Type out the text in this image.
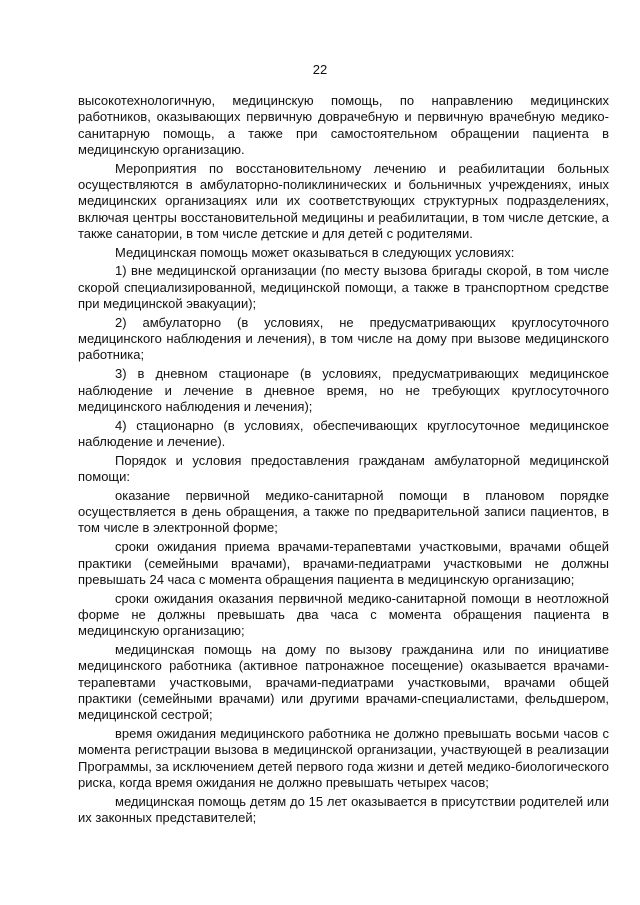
22

высокотехнологичную, медицинскую помощь, по направлению медицинских работников, оказывающих первичную доврачебную и первичную врачебную медико-санитарную помощь, а также при самостоятельном обращении пациента в медицинскую организацию.

Мероприятия по восстановительному лечению и реабилитации больных осуществляются в амбулаторно-поликлинических и больничных учреждениях, иных медицинских организациях или их соответствующих структурных подразделениях, включая центры восстановительной медицины и реабилитации, в том числе детские, а также санатории, в том числе детские и для детей с родителями.

Медицинская помощь может оказываться в следующих условиях:

1) вне медицинской организации (по месту вызова бригады скорой, в том числе скорой специализированной, медицинской помощи, а также в транспортном средстве при медицинской эвакуации);

2) амбулаторно (в условиях, не предусматривающих круглосуточного медицинского наблюдения и лечения), в том числе на дому при вызове медицинского работника;

3) в дневном стационаре (в условиях, предусматривающих медицинское наблюдение и лечение в дневное время, но не требующих круглосуточного медицинского наблюдения и лечения);

4) стационарно (в условиях, обеспечивающих круглосуточное медицинское наблюдение и лечение).

Порядок и условия предоставления гражданам амбулаторной медицинской помощи:

оказание первичной медико-санитарной помощи в плановом порядке осуществляется в день обращения, а также по предварительной записи пациентов, в том числе в электронной форме;

сроки ожидания приема врачами-терапевтами участковыми, врачами общей практики (семейными врачами), врачами-педиатрами участковыми не должны превышать 24 часа с момента обращения пациента в медицинскую организацию;

сроки ожидания оказания первичной медико-санитарной помощи в неотложной форме не должны превышать два часа с момента обращения пациента в медицинскую организацию;

медицинская помощь на дому по вызову гражданина или по инициативе медицинского работника (активное патронажное посещение) оказывается врачами-терапевтами участковыми, врачами-педиатрами участковыми, врачами общей практики (семейными врачами) или другими врачами-специалистами, фельдшером, медицинской сестрой;

время ожидания медицинского работника не должно превышать восьми часов с момента регистрации вызова в медицинской организации, участвующей в реализации Программы, за исключением детей первого года жизни и детей медико-биологического риска, когда время ожидания не должно превышать четырех часов;

медицинская помощь детям до 15 лет оказывается в присутствии родителей или их законных представителей;
